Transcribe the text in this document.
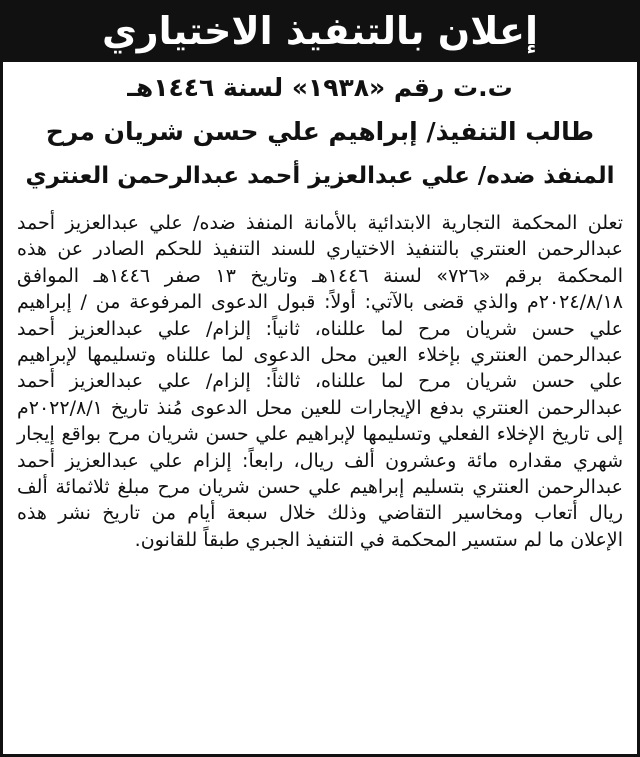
إعلان بالتنفيذ الاختياري
ت.ت رقم «١٩٣٨» لسنة ١٤٤٦هـ
طالب التنفيذ/ إبراهيم علي حسن شريان مرح
المنفذ ضده/ علي عبدالعزيز أحمد عبدالرحمن العنتري
تعلن المحكمة التجارية الابتدائية بالأمانة المنفذ ضده/ علي عبدالعزيز أحمد عبدالرحمن العنتري بالتنفيذ الاختياري للسند التنفيذ للحكم الصادر عن هذه المحكمة برقم «٧٢٦» لسنة ١٤٤٦هـ وتاريخ ١٣ صفر ١٤٤٦هـ الموافق ٢٠٢٤/٨/١٨م والذي قضى بالآتي: أولاً: قبول الدعوى المرفوعة من / إبراهيم علي حسن شريان مرح لما عللناه، ثانياً: إلزام/ علي عبدالعزيز أحمد عبدالرحمن العنتري بإخلاء العين محل الدعوى لما عللناه وتسليمها لإبراهيم علي حسن شريان مرح لما عللناه، ثالثاً: إلزام/ علي عبدالعزيز أحمد عبدالرحمن العنتري بدفع الإيجارات للعين محل الدعوى مُنذ تاريخ ٢٠٢٢/٨/١م إلى تاريخ الإخلاء الفعلي وتسليمها لإبراهيم علي حسن شريان مرح بواقع إيجار شهري مقداره مائة وعشرون ألف ريال، رابعاً: إلزام علي عبدالعزيز أحمد عبدالرحمن العنتري بتسليم إبراهيم علي حسن شريان مرح مبلغ ثلاثمائة ألف ريال أتعاب ومخاسير التقاضي وذلك خلال سبعة أيام من تاريخ نشر هذه الإعلان ما لم ستسير المحكمة في التنفيذ الجبري طبقاً للقانون.
